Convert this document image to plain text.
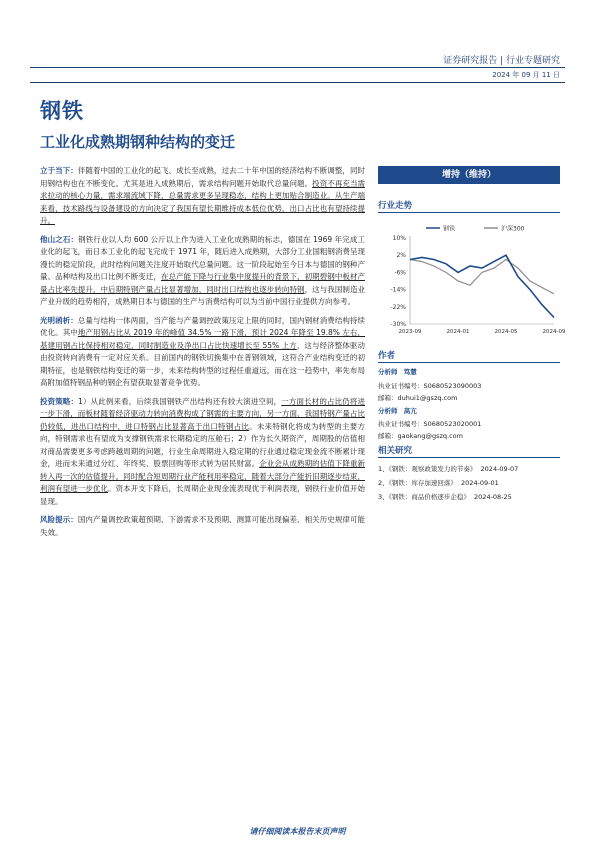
证券研究报告 | 行业专题研究
2024 年 09 月 11 日
钢铁
工业化成熟期钢种结构的变迁

立于当下：伴随着中国的工业化的起飞、成长至成熟，过去二十年中国的经济结构不断调整，同时用钢结构也在不断变化。尤其是进入成熟期后，需求结构问题开始取代总量问题。投资不再充当需求拉动的核心力量，需求端流域下降，总量需求更多呈现稳态，结构上更加贴合制造业。从生产端来看，技术路线与设备建设的方向决定了我国有望长期维持成本低位优势，出口占比也有望持续提升。

他山之石：钢铁行业以人均 600 公斤以上作为进入工业化成熟期的标志，德国在 1969 年完成工业化的起飞，而日本工业化的起飞完成于 1971 年，随后进入成熟期，大部分工业国粗钢消费呈现漫长的稳定阶段，此时结构问题关注度开始取代总量问题。这一阶段起始至今日本与德国的钢种产量、品种结构及出口比例不断变迁，在总产能下降与行业集中度提升的背景下，初期碧钢中板材产量占比率先提升，中后期特钢产量占比显著增加，同时出口结构也逐步转向特钢，这与我国制造业产业升级的趋势相符，成熟期日本与德国的生产与消费结构可以为当前中国行业提供方向参考。

光明函析：总量与结构一体两面，当产能与产量调控政策压定上限的同时，国内钢材消费结构持续优化。其中地产用钢占比从 2019 年的峰值 34.5% 一路下滑，预计 2024 年降至 19.8% 左右，基建用钢占比保持相对稳定，同时制造业及净出口占比快速增长至 55% 上方，这与经济整体驱动由投资转向消费有一定对应关系。目前国内的钢铁切换集中在普钢领域，这符合产业结构变迁的初期特征，也是钢铁结构变迁的第一步，未来结构转型的过程任重道远，而在这一趋势中，率先布局高附加值特钢品种的钢企有望获取显著竞争优势。

投资策略：1）从此例来看，后续我国钢铁产出结构还有较大演进空间，一方面长材的占比仍将进一步下滑，而板材随着经济驱动力转向消费构成了钢需的主要方向，另一方面，我国特钢产量占比仍较低，进出口结构中，进口特钢占比显著高于出口特钢占比。未来特钢化将成为转型的主要方向，特钢需求也有望成为支撑钢铁需求长期稳定的压舱石；2）作为长久期资产，周期股的估值相对商品需要更多考虑跨越周期的问题，行业生命周期进入稳定期的行业通过稳定现金流不断累计现金，进而未来通过分红、年终奖、股票回购等形式转为居民财富。企业会从成熟期的估值下降重新转入再一次的估值提升。同时配合短周期行业产能利用率稳定，随着大部分产能折旧期逐步结束，利润有望进一步优化。资本开支下降后，长周期企业现金流表现优于利润表现，钢铁行业价值开始显现。

风险提示：国内产量调控政策超预期、下游需求不及预期、测算可能出现偏差、相关历史规律可能失效。

增持（维持）
行业走势
钢铁	沪深300
10%
2%
-6%
-14%
-22%
-30%
2023-09	2024-01	2024-05	2024-09
作者
分析师 笃慧
执业证书编号：S0680523090003
邮箱：duhui1@gszq.com
分析师 高亢
执业证书编号：S0680523020001
邮箱：gaokang@gszq.com
相关研究
1、《钢铁：观察政策发力的节奏》 2024-09-07
2、《钢铁：库存加速回落》 2024-09-01
3、《钢铁：商品价格逐步企稳》 2024-08-25
请仔细阅读本报告末页声明
